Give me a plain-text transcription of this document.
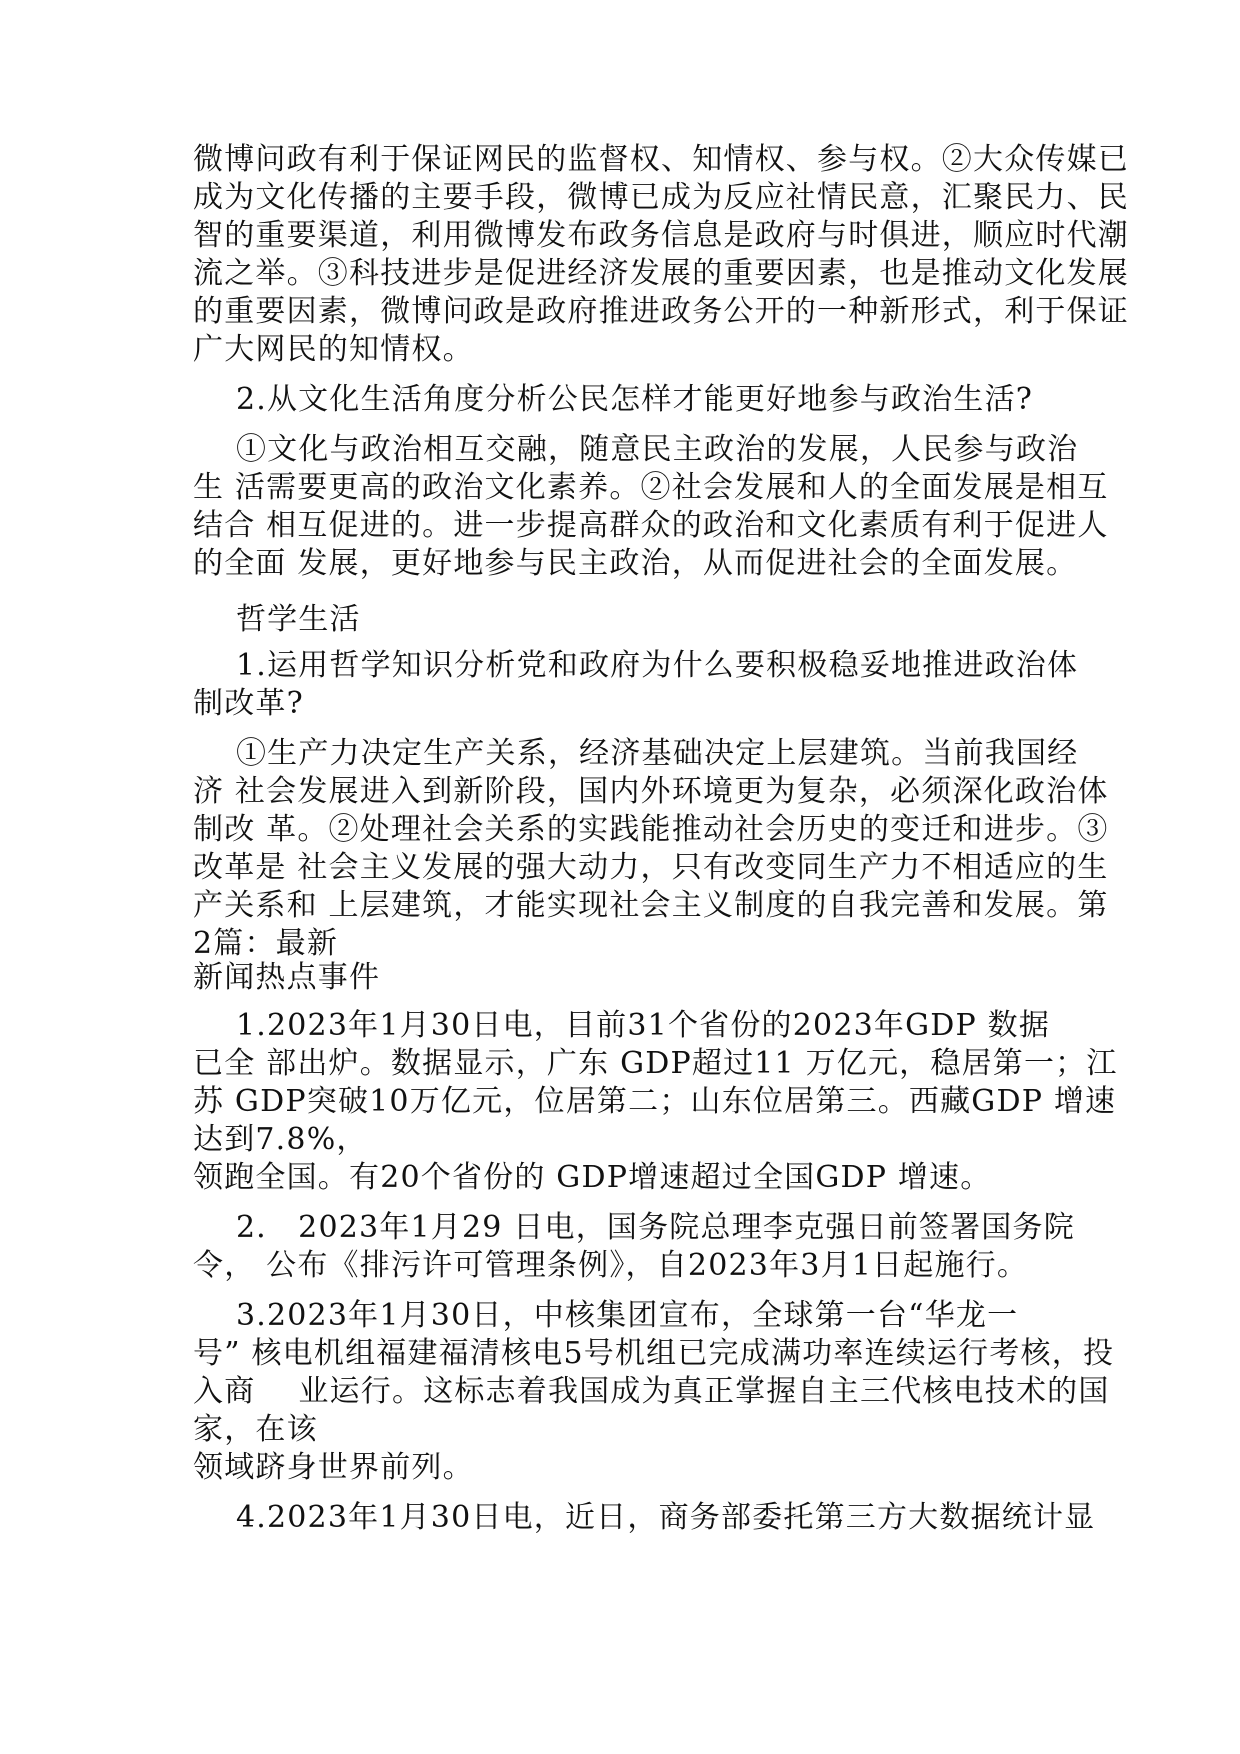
微博问政有利于保证网民的监督权、知情权、参与权。②大众传媒已
成为文化传播的主要手段，微博已成为反应社情民意，汇聚民力、民
智的重要渠道，利用微博发布政务信息是政府与时俱进，顺应时代潮
流之举。③科技进步是促进经济发展的重要因素，也是推动文化发展
的重要因素，微博问政是政府推进政务公开的一种新形式，利于保证
广大网民的知情权。
2.从文化生活角度分析公民怎样才能更好地参与政治生活?
①文化与政治相互交融，随意民主政治的发展，人民参与政治
生 活需要更高的政治文化素养。②社会发展和人的全面发展是相互
结合 相互促进的。进一步提高群众的政治和文化素质有利于促进人
的全面 发展，更好地参与民主政治，从而促进社会的全面发展。
哲学生活
1.运用哲学知识分析党和政府为什么要积极稳妥地推进政治体
制改革?
①生产力决定生产关系，经济基础决定上层建筑。当前我国经
济 社会发展进入到新阶段，国内外环境更为复杂，必须深化政治体
制改 革。②处理社会关系的实践能推动社会历史的变迁和进步。③
改革是 社会主义发展的强大动力，只有改变同生产力不相适应的生
产关系和 上层建筑，才能实现社会主义制度的自我完善和发展。第
2篇：最新
新闻热点事件
1.2023年1月30日电，目前31个省份的2023年GDP 数据
已全 部出炉。数据显示，广东 GDP超过11 万亿元，稳居第一；江
苏 GDP突破10万亿元，位居第二；山东位居第三。西藏GDP 增速
达到7.8%，
领跑全国。有20个省份的 GDP增速超过全国GDP 增速。
2． 2023年1月29 日电，国务院总理李克强日前签署国务院
令， 公布《排污许可管理条例》，自2023年3月1日起施行。
3.2023年1月30日，中核集团宣布，全球第一台“华龙一
号” 核电机组福建福清核电5号机组已完成满功率连续运行考核，投
入商    业运行。这标志着我国成为真正掌握自主三代核电技术的国
家，在该
领域跻身世界前列。
4.2023年1月30日电，近日，商务部委托第三方大数据统计显
